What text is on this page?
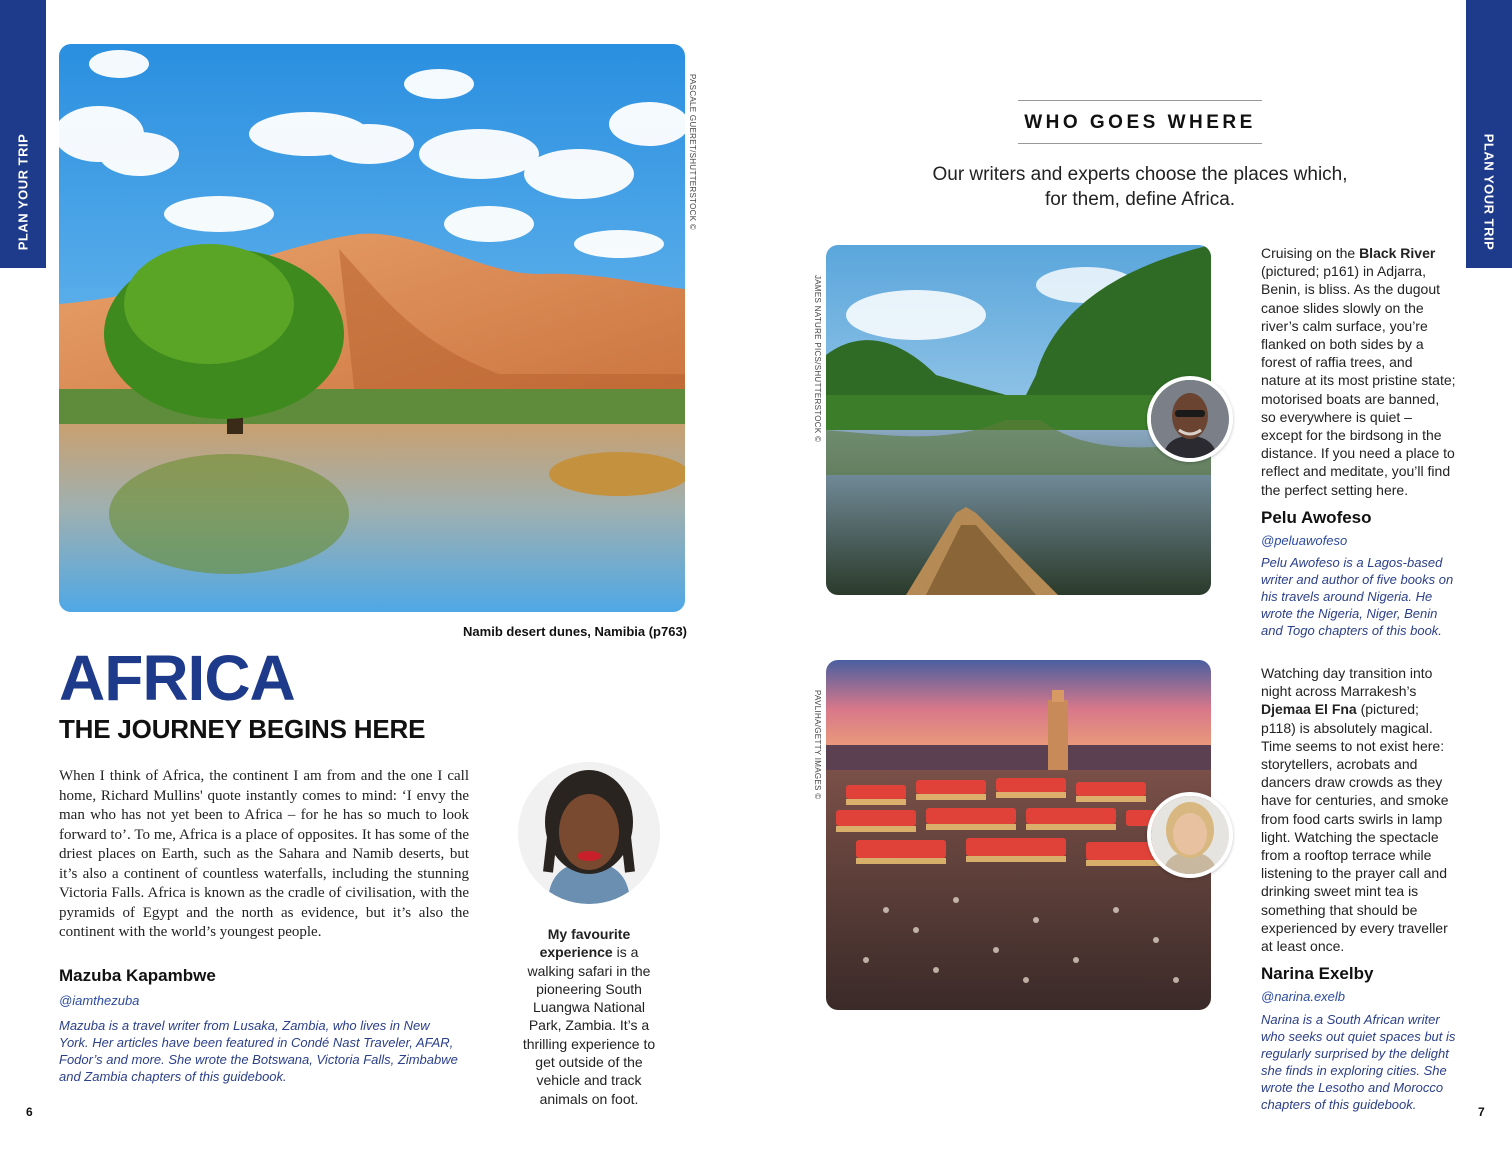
PLAN YOUR TRIP	PLAN YOUR TRIP
PASCALE GUERET/SHUTTERSTOCK ©
Namib desert dunes, Namibia (p763)
AFRICA
THE JOURNEY BEGINS HERE
When I think of Africa, the continent I am from and the one I call home, Richard Mullins' quote instantly comes to mind: ‘I envy the man who has not yet been to Africa – for he has so much to look forward to’. To me, Africa is a place of opposites. It has some of the driest places on Earth, such as the Sahara and Namib deserts, but it’s also a continent of countless waterfalls, including the stunning Victoria Falls. Africa is known as the cradle of civilisation, with the pyramids of Egypt and the north as evidence, but it’s also the continent with the world’s youngest people.
Mazuba Kapambwe
@iamthezuba
Mazuba is a travel writer from Lusaka, Zambia, who lives in New York. Her articles have been featured in Condé Nast Traveler, AFAR, Fodor’s and more. She wrote the Botswana, Victoria Falls, Zimbabwe and Zambia chapters of this guidebook.
My favourite experience is a walking safari in the pioneering South Luangwa National Park, Zambia. It’s a thrilling experience to get outside of the vehicle and track animals on foot.
6	7
WHO GOES WHERE
Our writers and experts choose the places which, for them, define Africa.
JAMES NATURE PICS/SHUTTERSTOCK ©
Cruising on the Black River (pictured; p161) in Adjarra, Benin, is bliss. As the dugout canoe slides slowly on the river’s calm surface, you’re flanked on both sides by a forest of raffia trees, and nature at its most pristine state; motorised boats are banned, so everywhere is quiet – except for the birdsong in the distance. If you need a place to reflect and meditate, you’ll find the perfect setting here.
Pelu Awofeso
@peluawofeso
Pelu Awofeso is a Lagos-based writer and author of five books on his travels around Nigeria. He wrote the Nigeria, Niger, Benin and Togo chapters of this book.
PAVLIHA/GETTY IMAGES ©
Watching day transition into night across Marrakesh’s Djemaa El Fna (pictured; p118) is absolutely magical. Time seems to not exist here: storytellers, acrobats and dancers draw crowds as they have for centuries, and smoke from food carts swirls in lamp light. Watching the spectacle from a rooftop terrace while listening to the prayer call and drinking sweet mint tea is something that should be experienced by every traveller at least once.
Narina Exelby
@narina.exelb
Narina is a South African writer who seeks out quiet spaces but is regularly surprised by the delight she finds in exploring cities. She wrote the Lesotho and Morocco chapters of this guidebook.
